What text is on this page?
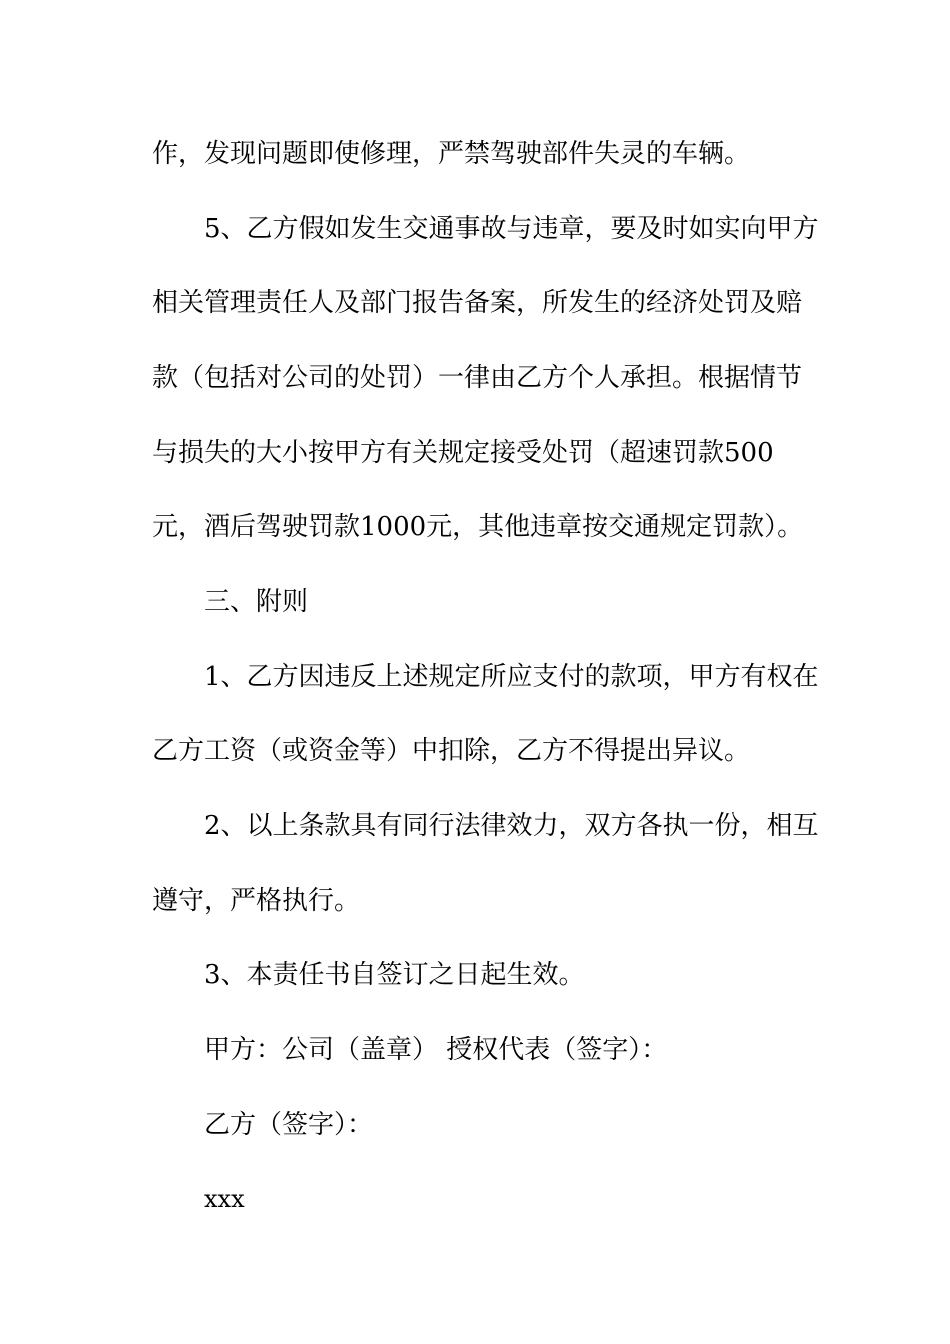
作，发现问题即使修理，严禁驾驶部件失灵的车辆。
5、乙方假如发生交通事故与违章，要及时如实向甲方
相关管理责任人及部门报告备案，所发生的经济处罚及赔
款（包括对公司的处罚）一律由乙方个人承担。根据情节
与损失的大小按甲方有关规定接受处罚（超速罚款500
元，酒后驾驶罚款1000元，其他违章按交通规定罚款）。
三、附则
1、乙方因违反上述规定所应支付的款项，甲方有权在
乙方工资（或资金等）中扣除，乙方不得提出异议。
2、以上条款具有同行法律效力，双方各执一份，相互
遵守，严格执行。
3、本责任书自签订之日起生效。
甲方：公司（盖章） 授权代表（签字）：
乙方（签字）：
xxx
